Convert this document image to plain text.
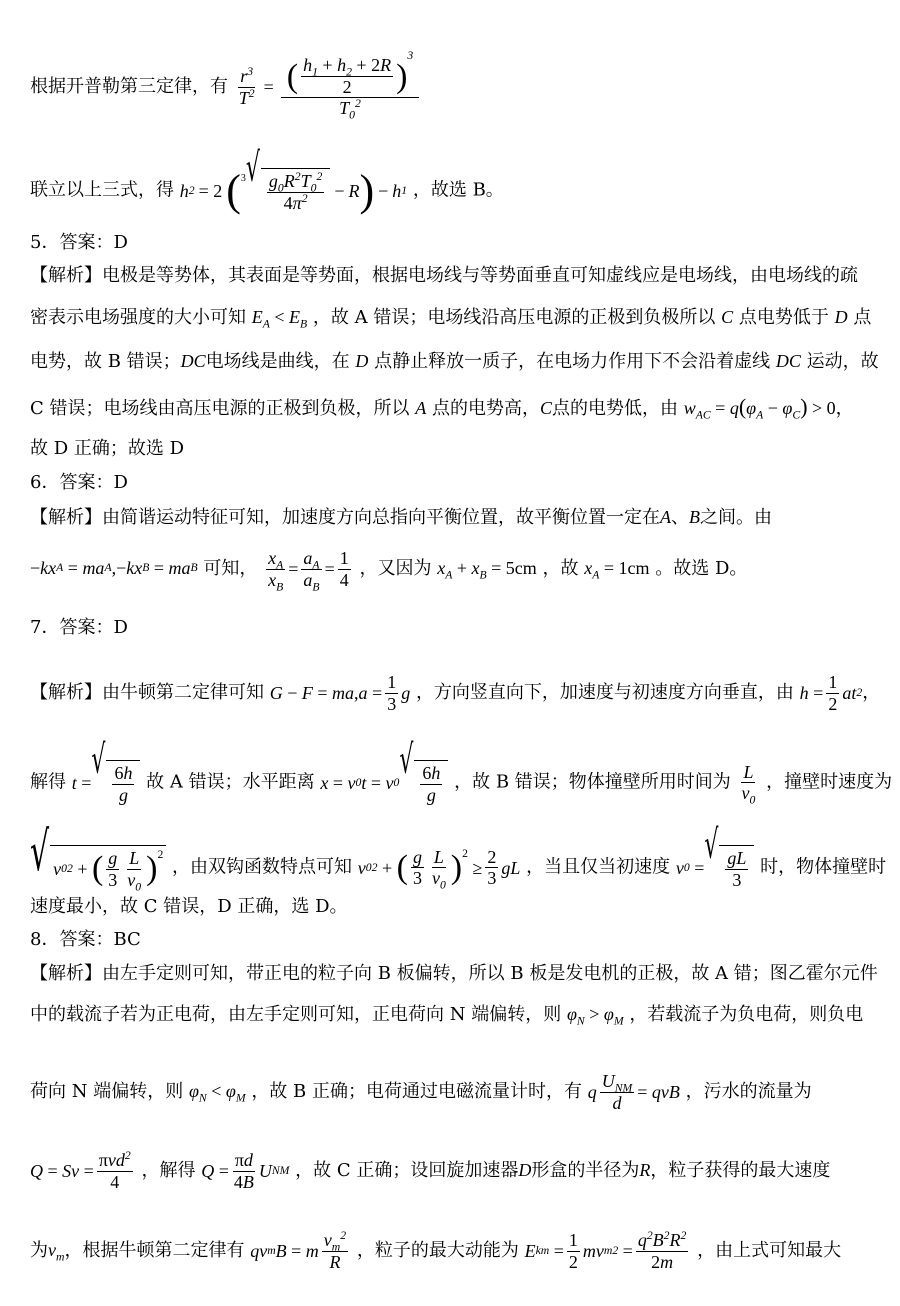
根据开普勒第三定律，有 $\frac{r^3}{T^2} = \frac{( \frac{h_1 + h_2 + 2R}{2} )^3}{T_0^2}$
联立以上三式，得 h 2 = 2 ( 3 √
$\frac{g_0R^2T_0^2}{4\pi^2} - R$ ) − h 1 ，故选 B。
5．答案：D
【解析】电极是等势体，其表面是等势面，根据电场线与等势面垂直可知虚线应是电场线，由电场线的疏
密表示电场强度的大小可知 $E_A < E_B$ ，故 A 错误；电场线沿高压电源的正极到负极所以 C 点电势低于 D 点
电势，故 B 错误；DC电场线是曲线，在 D 点静止释放一质子，在电场力作用下不会沿着虚线 DC 运动，故
C 错误；电场线由高压电源的正极到负极，所以 A 点的电势高，C点的电势低，由 $w_{AC} = q(\varphi_A - \varphi_C) > 0$，
故 D 正确；故选 D
6．答案：D
【解析】由简谐运动特征可知，加速度方向总指向平衡位置，故平衡位置一定在A、B之间。由
− kx A = ma A ,− kx B = ma B 可知， $\frac{x_A}{x_B} = \frac{a_A}{a_B} = \frac{1}{4}$ ，又因为 $x_A + x_B = 5cm$ ，故 $x_A = 1cm$ 。故选 D。
7．答案：D
【解析】由牛顿第二定律可知 G − F = ma , $a = \frac{1}{3}$ g ，方向竖直向下，加速度与初速度方向垂直，由 $h = \frac{1}{2}$ at 2 ，
解得 t = √
$\frac{6h}{g}$ 故 A 错误；水平距离 x = v 0 t = v 0 √
$\frac{6h}{g}$ ，故 B 错误；物体撞壁所用时间为 $\frac{L}{v_0}$ ，撞壁时速度为
√ v 0 2 + ( $\frac{g}{3} \frac{L}{v_0} )^2$
，由双钩函数特点可知 v 0 2 + ( $\frac{g}{3} \frac{L}{v_0} )^2$
≥ $\frac{2}{3}$ gL ，当且仅当初速度 v 0 = √
$\frac{gL}{3}$ 时，物体撞壁时
速度最小，故 C 错误，D 正确，选 D。
8．答案：BC
【解析】由左手定则可知，带正电的粒子向 B 板偏转，所以 B 板是发电机的正极，故 A 错；图乙霍尔元件
中的载流子若为正电荷，由左手定则可知，正电荷向 N 端偏转，则 $\varphi_N > \varphi_M$ ，若载流子为负电荷，则负电
荷向 N 端偏转，则 $\varphi_N < \varphi_M$ ，故 B 正确；电荷通过电磁流量计时，有 q $\frac{U_{NM}}{d}$ = qvB ，污水的流量为
$Q = Sv = \frac{\pi vd^2}{4}$ ，解得 $Q = \frac{\pi d}{4B}$ U NM ，故 C 正确；设回旋加速器D形盒的半径为R，粒子获得的最大速度
为$v_m$，根据牛顿第二定律有 qv m B = m $\frac{v_m^2}{R}$ ，粒子的最大动能为 E km = $\frac{1}{2}$ mv m $2 = \frac{q^2B^2R^2}{2m}$ ，由上式可知最大
